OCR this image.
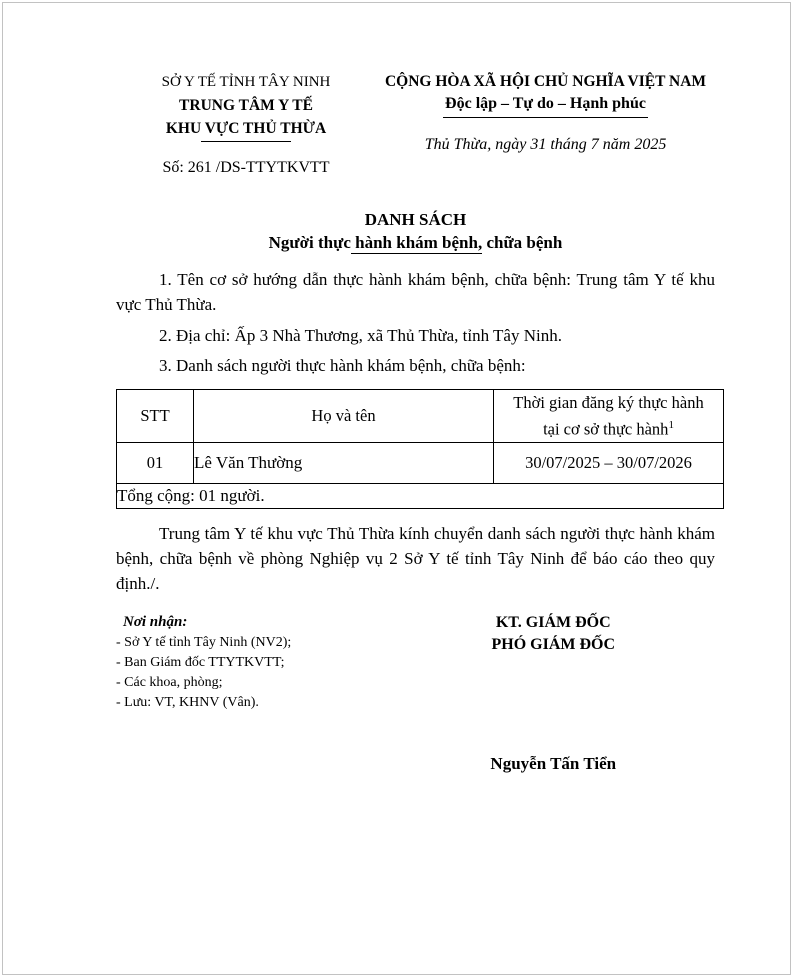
SỞ Y TẾ TỈNH TÂY NINH
TRUNG TÂM Y TẾ
KHU VỰC THỦ THỪA
Số: 261 /DS-TTYTKVTT
CỘNG HÒA XÃ HỘI CHỦ NGHĨA VIỆT NAM
Độc lập – Tự do – Hạnh phúc
Thủ Thừa, ngày 31 tháng 7 năm 2025
DANH SÁCH
Người thực hành khám bệnh, chữa bệnh

1. Tên cơ sở hướng dẫn thực hành khám bệnh, chữa bệnh: Trung tâm Y tế khu vực Thủ Thừa.

2. Địa chỉ: Ấp 3 Nhà Thương, xã Thủ Thừa, tỉnh Tây Ninh.

3. Danh sách người thực hành khám bệnh, chữa bệnh:

STT	Họ và tên	Thời gian đăng ký thực hành
tại cơ sở thực hành$^1$
01	Lê Văn Thường	30/07/2025 – 30/07/2026
Tổng cộng: 01 người.		

Trung tâm Y tế khu vực Thủ Thừa kính chuyển danh sách người thực hành khám bệnh, chữa bệnh về phòng Nghiệp vụ 2 Sở Y tế tỉnh Tây Ninh để báo cáo theo quy định./.

Nơi nhận:
- Sở Y tế tỉnh Tây Ninh (NV2);
- Ban Giám đốc TTYTKVTT;
- Các khoa, phòng;
- Lưu: VT, KHNV (Vân).
KT. GIÁM ĐỐC
PHÓ GIÁM ĐỐC
Nguyễn Tấn Tiển
